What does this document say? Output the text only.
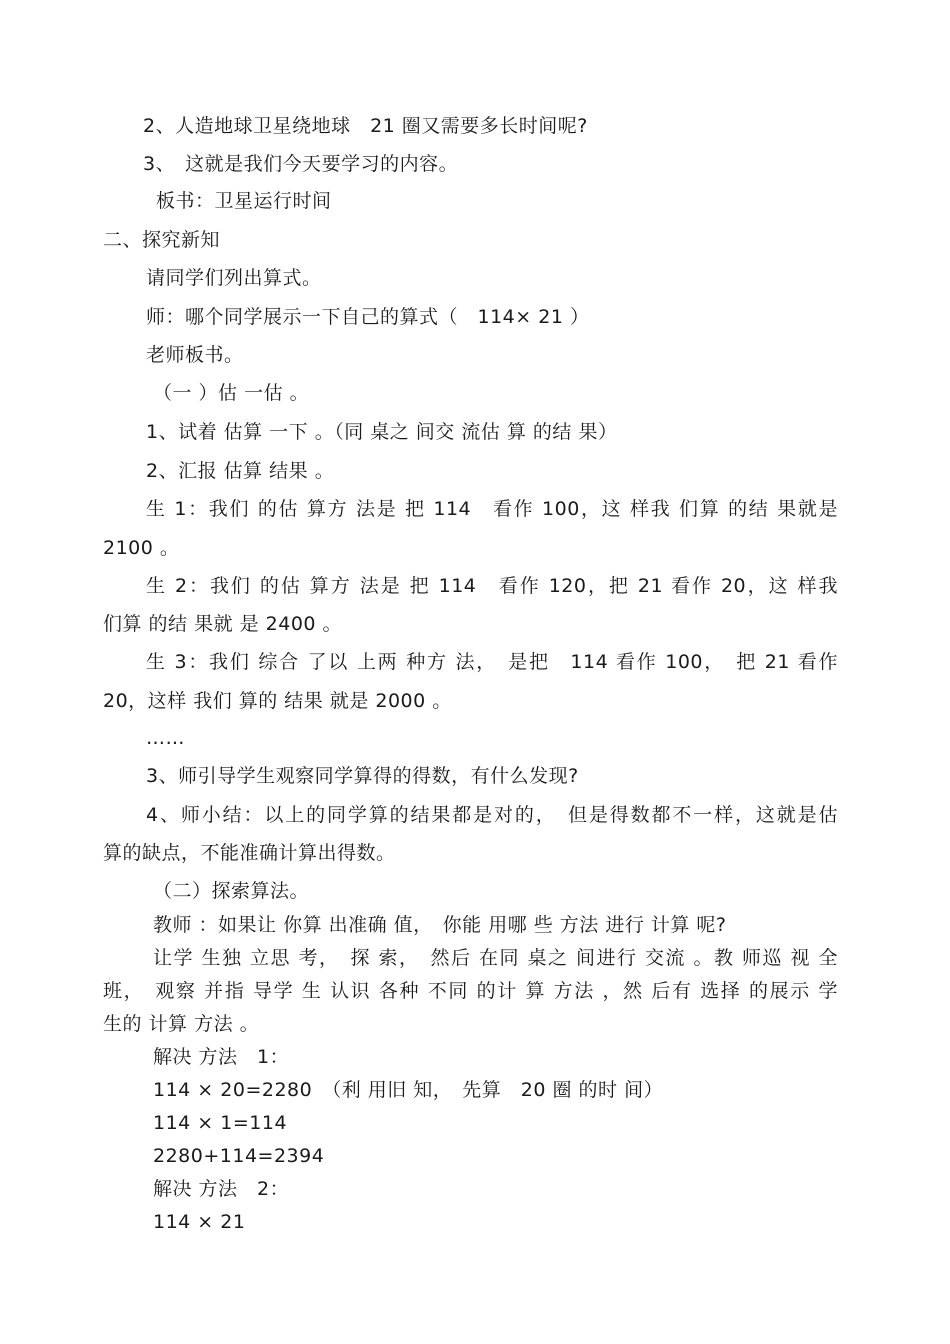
2、人造地球卫星绕地球　21 圈又需要多长时间呢?
3、　这就是我们今天要学习的内容。
板书：卫星运行时间
二、探究新知
请同学们列出算式。
师：哪个同学展示一下自己的算式（　114× 21 ）
老师板书。
（一 ）估 一估 。
1、试着 估算 一下 。（同 桌之 间交 流估 算 的结 果）
2、汇报 估算 结果 。
生 1：我们 的估 算方 法是 把 114　看作 100，这 样我 们算 的结 果就是
2100 。
生 2：我们 的估 算方 法是 把 114　看作 120，把 21 看作 20，这 样我
们算 的结 果就 是 2400 。
生 3：我们 综合 了以 上两 种方 法，　是把　114 看作 100，　把 21 看作
20，这样 我们 算的 结果 就是 2000 。
……
3、师引导学生观察同学算得的得数，有什么发现?
4、师小结：以上的同学算的结果都是对的，　但是得数都不一样，这就是估
算的缺点，不能准确计算出得数。
（二）探索算法。
教师 ：如果让 你算 出准确 值，　你能 用哪 些 方法 进行 计算 呢?
让学 生独 立思 考，　探 索，　然后 在同 桌之 间进行 交流 。教 师巡 视 全
班，　观察 并指 导学 生 认识 各种 不同 的计 算 方法 ，然 后有 选择 的展示 学
生的 计算 方法 。
解决 方法　1：
114 × 20=2280　（利 用旧 知，　先算　20 圈 的时 间）
114 × 1=114
2280+114=2394
解决 方法　2：
114 × 21
